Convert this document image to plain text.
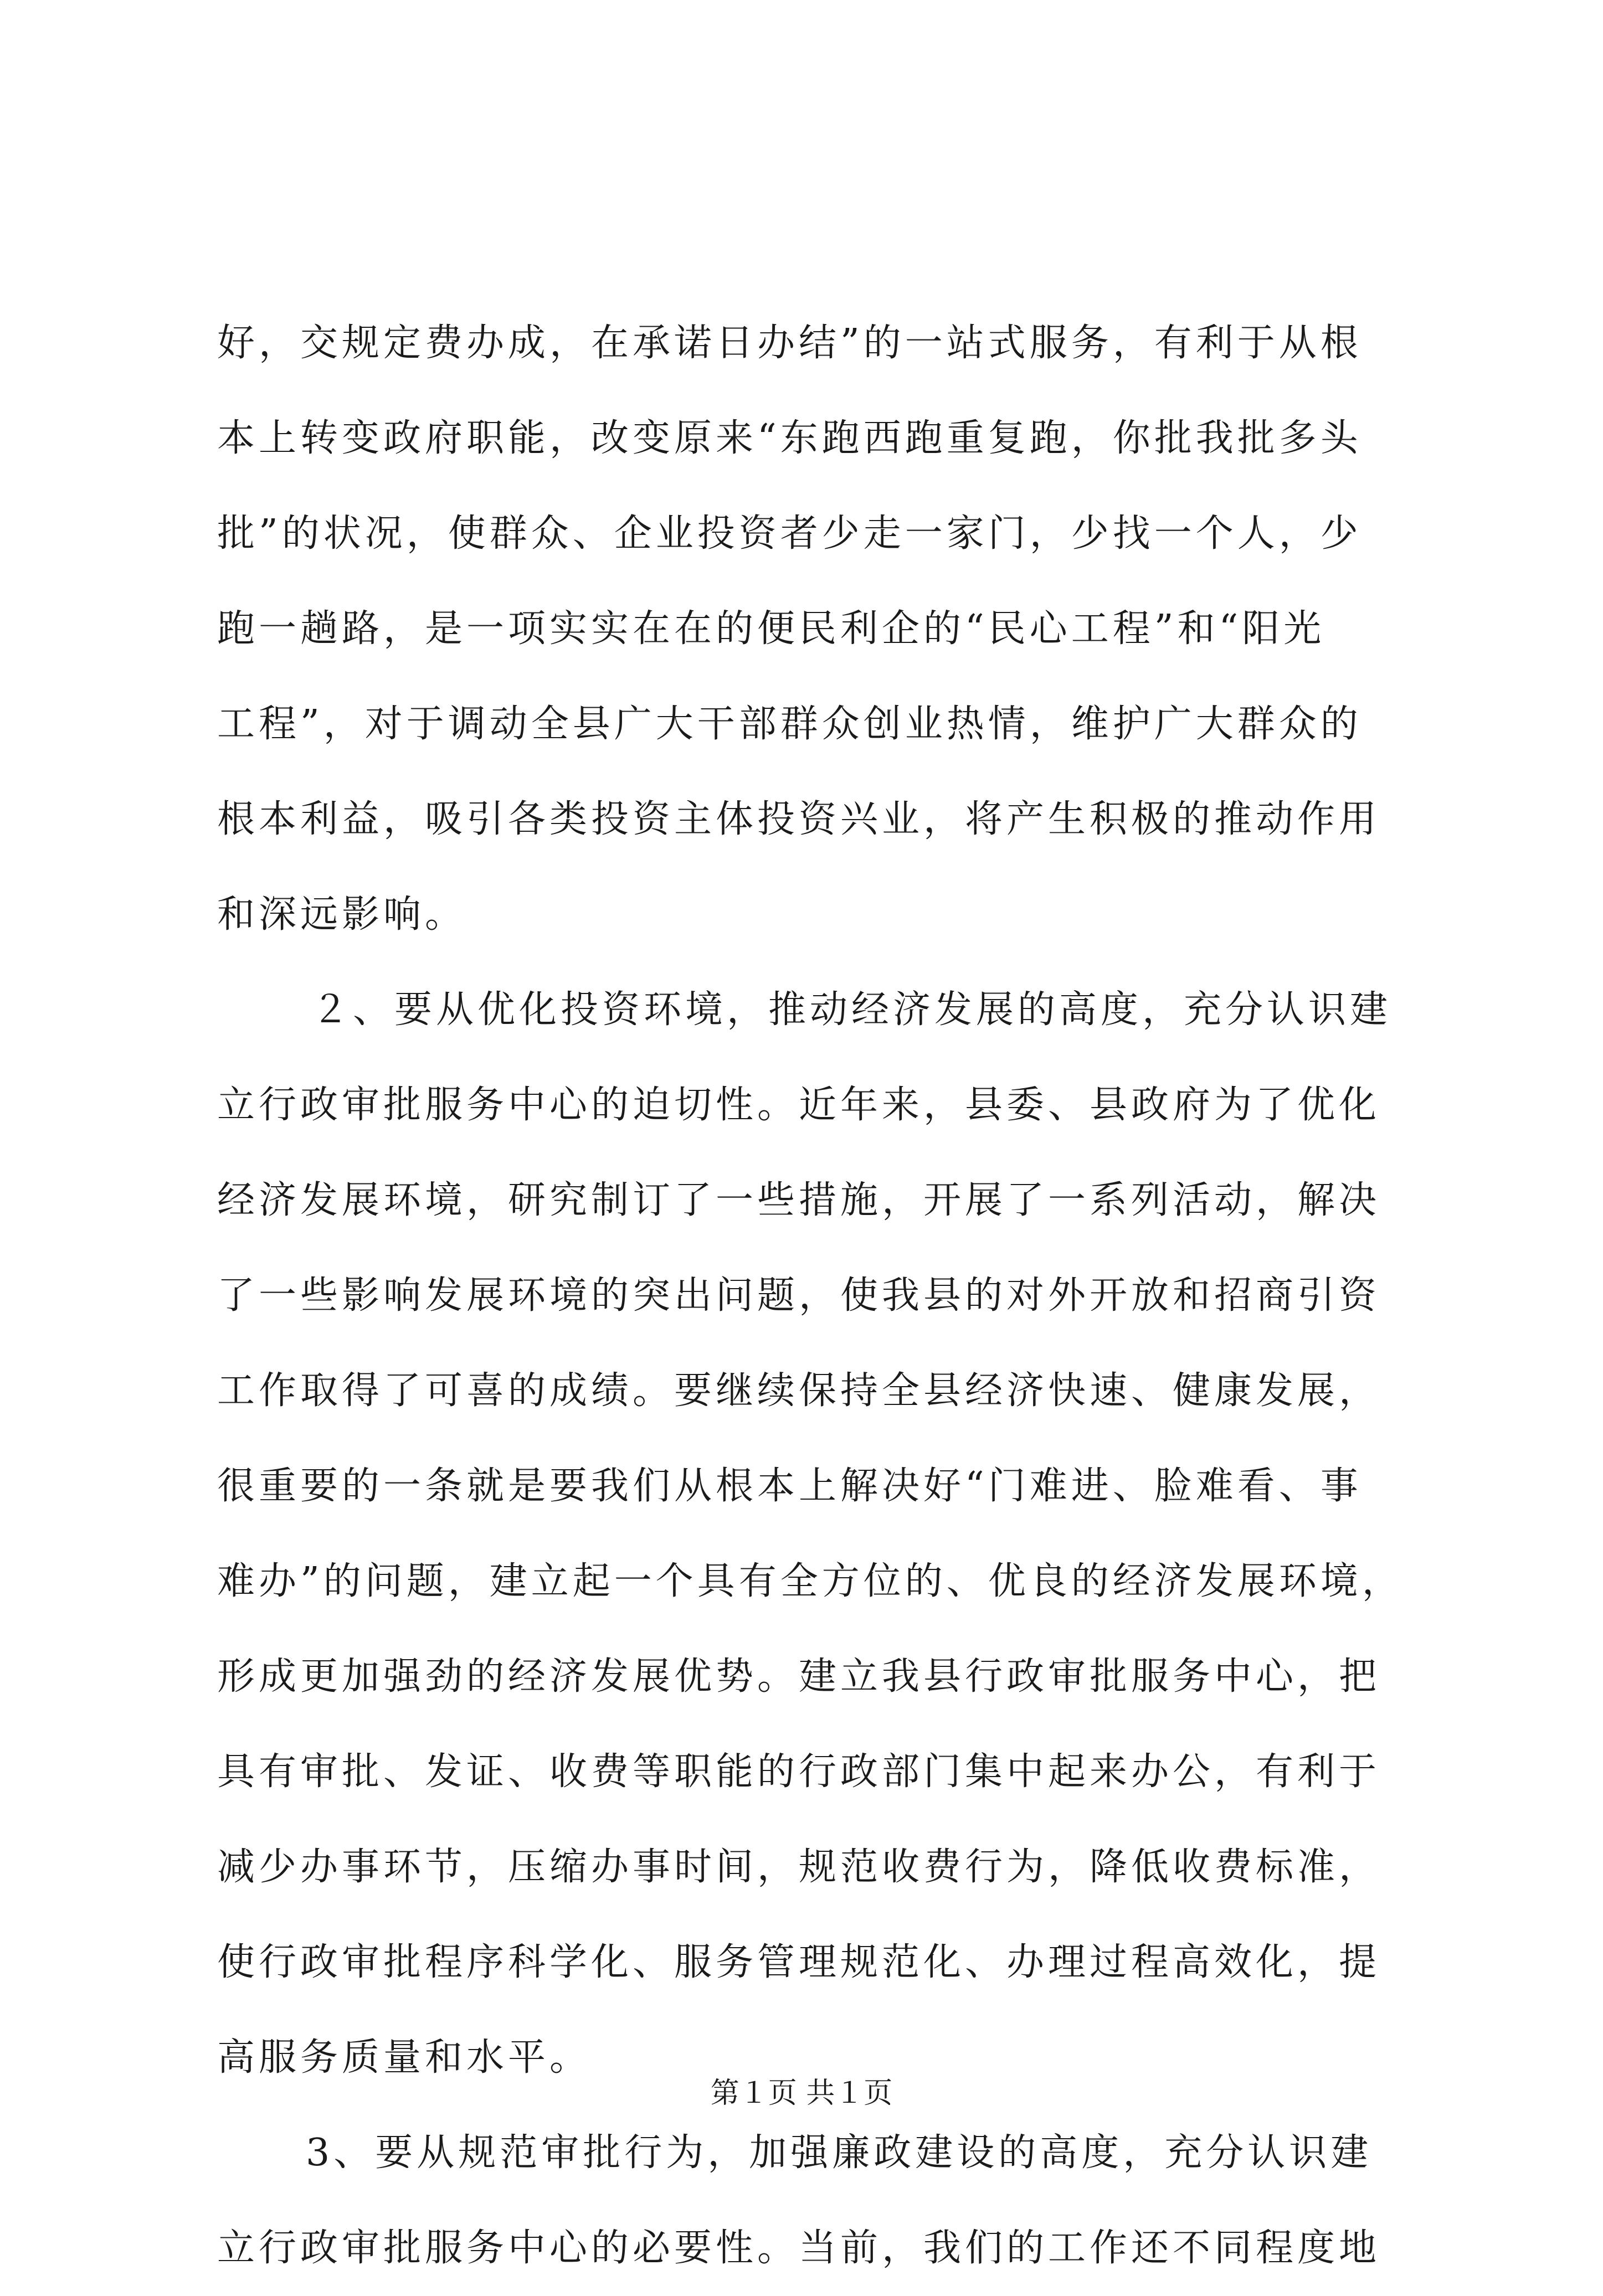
好，交规定费办成，在承诺日办结”的一站式服务，有利于从根
本上转变政府职能，改变原来“东跑西跑重复跑，你批我批多头
批”的状况，使群众、企业投资者少走一家门，少找一个人，少
跑一趟路，是一项实实在在的便民利企的“民心工程”和“阳光
工程”，对于调动全县广大干部群众创业热情，维护广大群众的
根本利益，吸引各类投资主体投资兴业，将产生积极的推动作用
和深远影响。
２、要从优化投资环境，推动经济发展的高度，充分认识建
立行政审批服务中心的迫切性。近年来，县委、县政府为了优化
经济发展环境，研究制订了一些措施，开展了一系列活动，解决
了一些影响发展环境的突出问题，使我县的对外开放和招商引资
工作取得了可喜的成绩。要继续保持全县经济快速、健康发展，
很重要的一条就是要我们从根本上解决好“门难进、脸难看、事
难办”的问题，建立起一个具有全方位的、优良的经济发展环境，
形成更加强劲的经济发展优势。建立我县行政审批服务中心，把
具有审批、发证、收费等职能的行政部门集中起来办公，有利于
减少办事环节，压缩办事时间，规范收费行为，降低收费标准，
使行政审批程序科学化、服务管理规范化、办理过程高效化，提
高服务质量和水平。
3、要从规范审批行为，加强廉政建设的高度，充分认识建
立行政审批服务中心的必要性。当前，我们的工作还不同程度地
第１页 共１页
